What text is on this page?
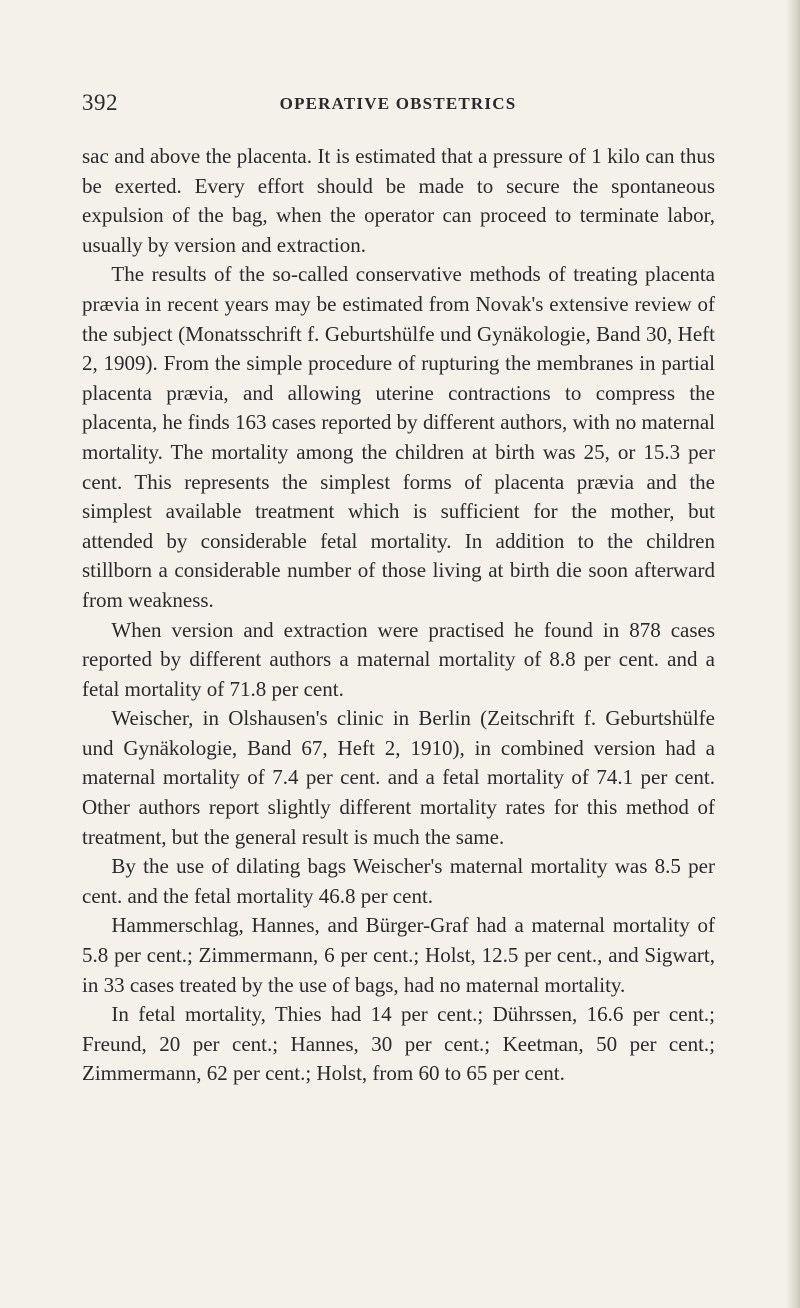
392	OPERATIVE OBSTETRICS

sac and above the placenta. It is estimated that a pressure of 1 kilo can thus be exerted. Every effort should be made to secure the spontaneous expulsion of the bag, when the operator can proceed to terminate labor, usually by version and extraction.

The results of the so-called conservative methods of treating placenta prævia in recent years may be estimated from Novak's extensive review of the subject (Monatsschrift f. Geburtshülfe und Gynäkologie, Band 30, Heft 2, 1909). From the simple procedure of rupturing the membranes in partial placenta prævia, and allowing uterine contractions to compress the placenta, he finds 163 cases reported by different authors, with no maternal mortality. The mortality among the children at birth was 25, or 15.3 per cent. This represents the simplest forms of placenta prævia and the simplest available treatment which is sufficient for the mother, but attended by considerable fetal mortality. In addition to the children stillborn a considerable number of those living at birth die soon afterward from weakness.

When version and extraction were practised he found in 878 cases reported by different authors a maternal mortality of 8.8 per cent. and a fetal mortality of 71.8 per cent.

Weischer, in Olshausen's clinic in Berlin (Zeitschrift f. Geburtshülfe und Gynäkologie, Band 67, Heft 2, 1910), in combined version had a maternal mortality of 7.4 per cent. and a fetal mortality of 74.1 per cent. Other authors report slightly different mortality rates for this method of treatment, but the general result is much the same.

By the use of dilating bags Weischer's maternal mortality was 8.5 per cent. and the fetal mortality 46.8 per cent.

Hammerschlag, Hannes, and Bürger-Graf had a maternal mortality of 5.8 per cent.; Zimmermann, 6 per cent.; Holst, 12.5 per cent., and Sigwart, in 33 cases treated by the use of bags, had no maternal mortality.

In fetal mortality, Thies had 14 per cent.; Dührssen, 16.6 per cent.; Freund, 20 per cent.; Hannes, 30 per cent.; Keetman, 50 per cent.; Zimmermann, 62 per cent.; Holst, from 60 to 65 per cent.
